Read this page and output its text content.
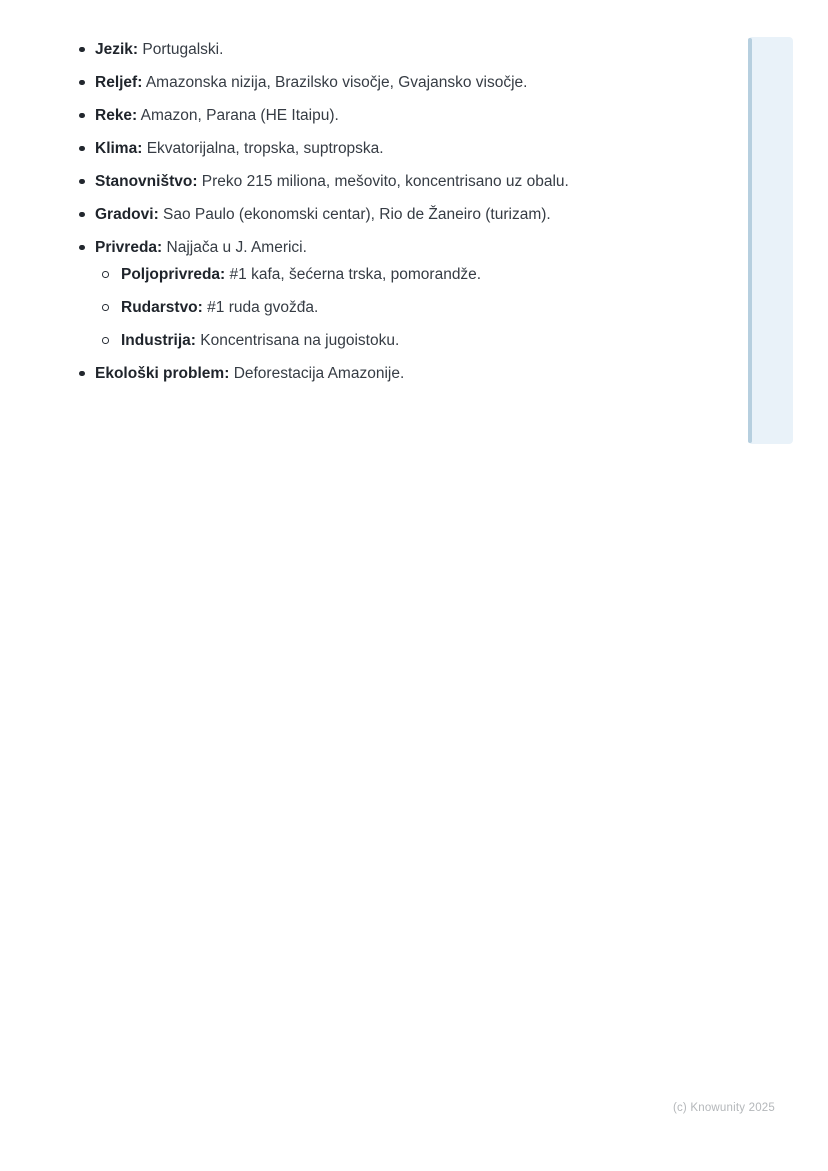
Jezik: Portugalski.
Reljef: Amazonska nizija, Brazilsko visočje, Gvajansko visočje.
Reke: Amazon, Parana (HE Itaipu).
Klima: Ekvatorijalna, tropska, suptropska.
Stanovništvo: Preko 215 miliona, mešovito, koncentrisano uz obalu.
Gradovi: Sao Paulo (ekonomski centar), Rio de Žaneiro (turizam).
Privreda: Najjača u J. Americi.
Poljoprivreda: #1 kafa, šećerna trska, pomorandže.
Rudarstvo: #1 ruda gvožđa.
Industrija: Koncentrisana na jugoistoku.
Ekološki problem: Deforestacija Amazonije.
(c) Knowunity 2025
